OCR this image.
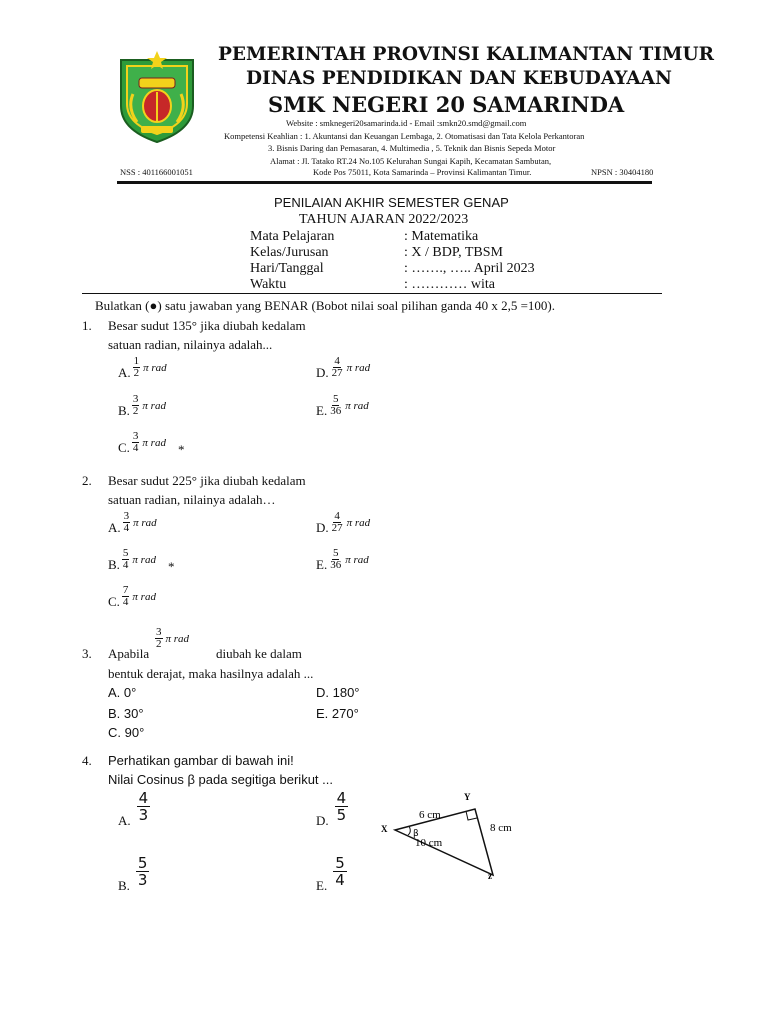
PEMERINTAH PROVINSI KALIMANTAN TIMUR
DINAS PENDIDIKAN DAN KEBUDAYAAN
SMK NEGERI 20 SAMARINDA
Website : smknegeri20samarinda.id - Email :smkn20.smd@gmail.com
Kompetensi Keahlian : 1. Akuntansi dan Keuangan Lembaga, 2. Otomatisasi dan Tata Kelola Perkantoran
3. Bisnis Daring dan Pemasaran, 4. Multimedia , 5. Teknik dan Bisnis Sepeda Motor
Alamat : Jl. Tatako RT.24 No.105 Kelurahan Sungai Kapih, Kecamatan Sambutan,
Kode Pos 75011, Kota Samarinda – Provinsi Kalimantan Timur.
NSS : 401166001051	NPSN : 30404180
PENILAIAN AKHIR SEMESTER GENAP
TAHUN AJARAN 2022/2023
Mata Pelajaran	: Matematika
Kelas/Jurusan	: X / BDP, TBSM
Hari/Tanggal	: ……., ….. April 2023
Waktu	: ………… wita
Bulatkan (●) satu jawaban yang BENAR (Bobot nilai soal pilihan ganda 40 x 2,5 =100).
1. Besar sudut 135° jika diubah kedalam
satuan radian, nilainya adalah...
A. $\frac{1}{2}$ π rad
B. $\frac{3}{2}$ π rad
C. $\frac{3}{4}$ π rad *
D. $\frac{4}{27}$ π rad
E. $\frac{5}{36}$ π rad
2. Besar sudut 225° jika diubah kedalam
satuan radian, nilainya adalah…
A. $\frac{3}{4}$ π rad
B. $\frac{5}{4}$ π rad *
C. $\frac{7}{4}$ π rad
D. $\frac{4}{27}$ π rad
E. $\frac{5}{36}$ π rad
3. Apabila
$\frac{3}{2}$ π rad
diubah ke dalam
bentuk derajat, maka hasilnya adalah ...
A. 0°
B. 30°
C. 90°
D. 180°
E. 270°
4. Perhatikan gambar di bawah ini!
Nilai Cosinus β pada segitiga berikut ...
A. $\frac{4}{3}$
B. $\frac{5}{3}$
D. $\frac{4}{5}$
E. $\frac{5}{4}$
X
Y
z
β
6 cm
10 cm
8 cm
